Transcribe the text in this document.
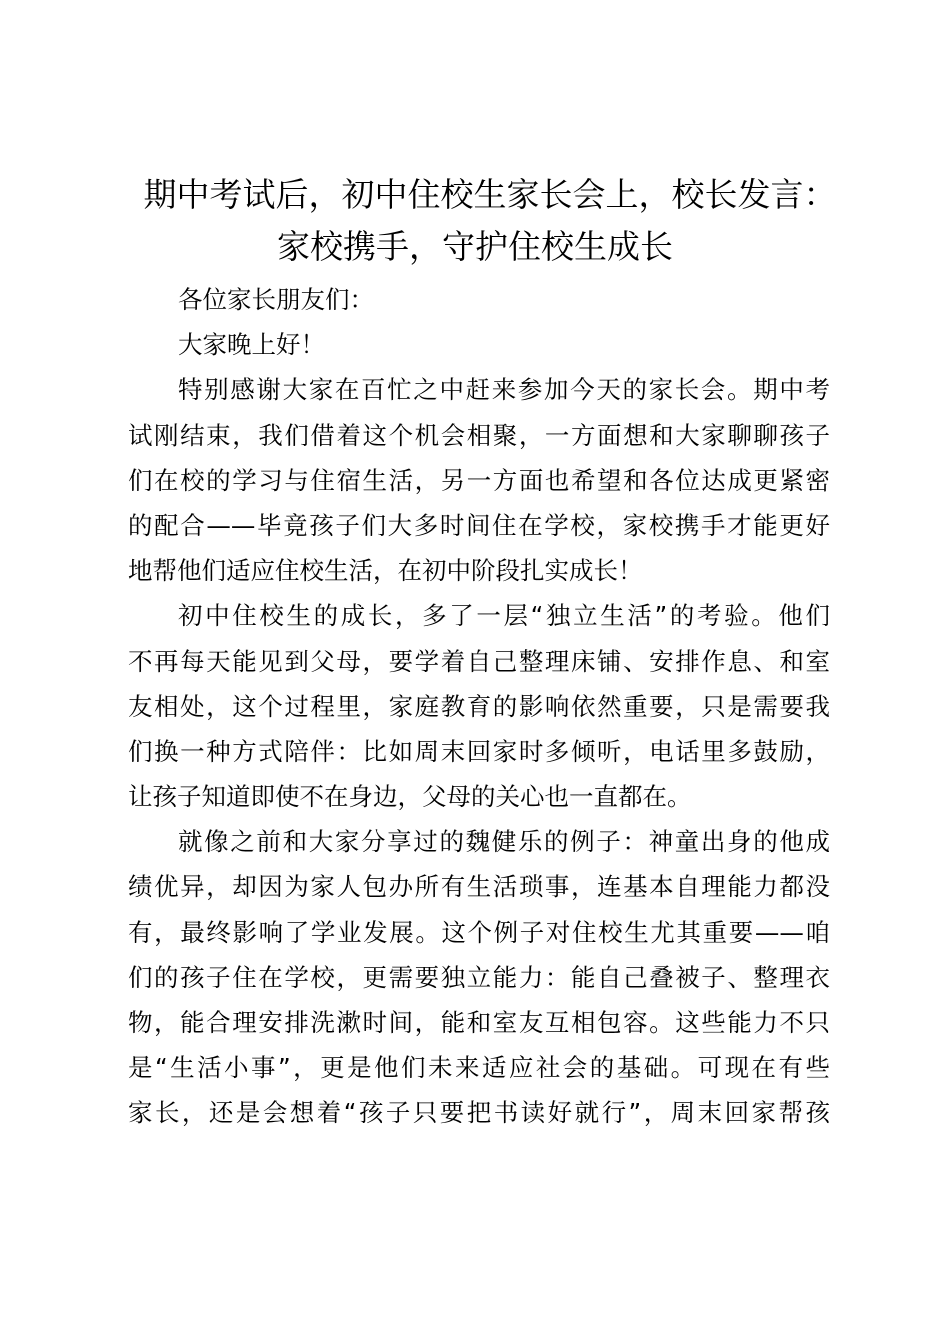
期中考试后，初中住校生家长会上，校长发言：
家校携手，守护住校生成长
各位家长朋友们：
大家晚上好！
特别感谢大家在百忙之中赶来参加今天的家长会。期中考
试刚结束，我们借着这个机会相聚，一方面想和大家聊聊孩子
们在校的学习与住宿生活，另一方面也希望和各位达成更紧密
的配合——毕竟孩子们大多时间住在学校，家校携手才能更好
地帮他们适应住校生活，在初中阶段扎实成长！
初中住校生的成长，多了一层“独立生活”的考验。他们
不再每天能见到父母，要学着自己整理床铺、安排作息、和室
友相处，这个过程里，家庭教育的影响依然重要，只是需要我
们换一种方式陪伴：比如周末回家时多倾听，电话里多鼓励，
让孩子知道即使不在身边，父母的关心也一直都在。
就像之前和大家分享过的魏健乐的例子：神童出身的他成
绩优异，却因为家人包办所有生活琐事，连基本自理能力都没
有，最终影响了学业发展。这个例子对住校生尤其重要——咱
们的孩子住在学校，更需要独立能力：能自己叠被子、整理衣
物，能合理安排洗漱时间，能和室友互相包容。这些能力不只
是“生活小事”，更是他们未来适应社会的基础。可现在有些
家长，还是会想着“孩子只要把书读好就行”，周末回家帮孩
